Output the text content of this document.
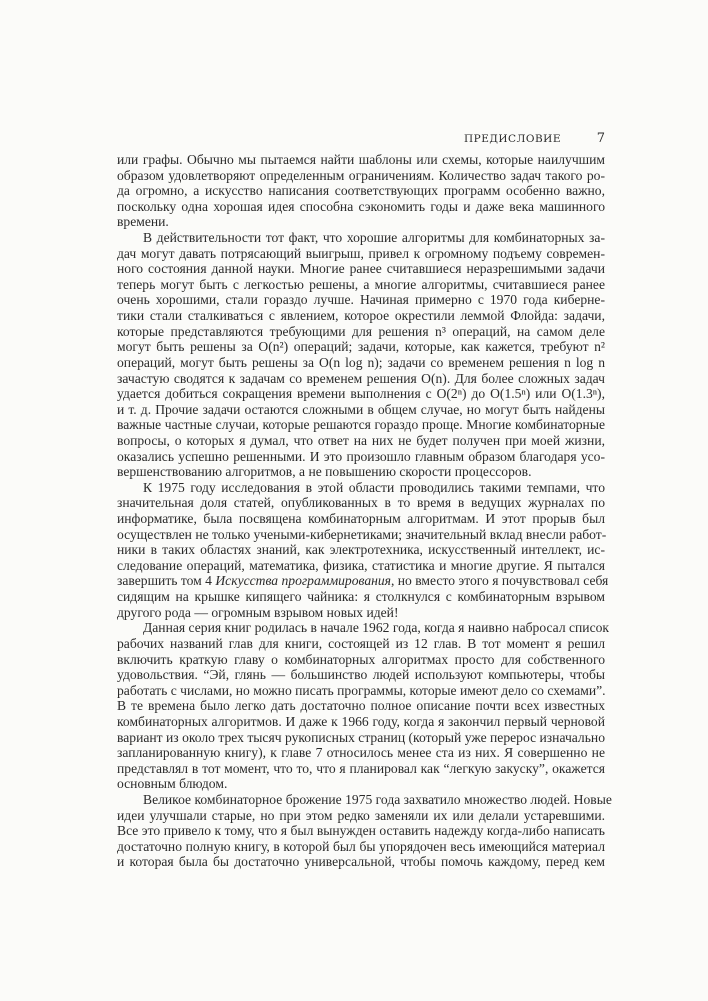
ПРЕДИСЛОВИЕ	7
или графы. Обычно мы пытаемся найти шаблоны или схемы, которые наилучшим
образом удовлетворяют определенным ограничениям. Количество задач такого ро-
да огромно, а искусство написания соответствующих программ особенно важно,
поскольку одна хорошая идея способна сэкономить годы и даже века машинного
времени.
В действительности тот факт, что хорошие алгоритмы для комбинаторных за-
дач могут давать потрясающий выигрыш, привел к огромному подъему современ-
ного состояния данной науки. Многие ранее считавшиеся неразрешимыми задачи
теперь могут быть с легкостью решены, а многие алгоритмы, считавшиеся ранее
очень хорошими, стали гораздо лучше. Начиная примерно с 1970 года киберне-
тики стали сталкиваться с явлением, которое окрестили леммой Флойда: задачи,
которые представляются требующими для решения n³ операций, на самом деле
могут быть решены за O(n²) операций; задачи, которые, как кажется, требуют n²
операций, могут быть решены за O(n log n); задачи со временем решения n log n
зачастую сводятся к задачам со временем решения O(n). Для более сложных задач
удается добиться сокращения времени выполнения с O(2ⁿ) до O(1.5ⁿ) или O(1.3ⁿ),
и т. д. Прочие задачи остаются сложными в общем случае, но могут быть найдены
важные частные случаи, которые решаются гораздо проще. Многие комбинаторные
вопросы, о которых я думал, что ответ на них не будет получен при моей жизни,
оказались успешно решенными. И это произошло главным образом благодаря усо-
вершенствованию алгоритмов, а не повышению скорости процессоров.
К 1975 году исследования в этой области проводились такими темпами, что
значительная доля статей, опубликованных в то время в ведущих журналах по
информатике, была посвящена комбинаторным алгоритмам. И этот прорыв был
осуществлен не только учеными-кибернетиками; значительный вклад внесли работ-
ники в таких областях знаний, как электротехника, искусственный интеллект, ис-
следование операций, математика, физика, статистика и многие другие. Я пытался
завершить том 4 Искусства программирования, но вместо этого я почувствовал себя
сидящим на крышке кипящего чайника: я столкнулся с комбинаторным взрывом
другого рода — огромным взрывом новых идей!
Данная серия книг родилась в начале 1962 года, когда я наивно набросал список
рабочих названий глав для книги, состоящей из 12 глав. В тот момент я решил
включить краткую главу о комбинаторных алгоритмах просто для собственного
удовольствия. “Эй, глянь — большинство людей используют компьютеры, чтобы
работать с числами, но можно писать программы, которые имеют дело со схемами”.
В те времена было легко дать достаточно полное описание почти всех известных
комбинаторных алгоритмов. И даже к 1966 году, когда я закончил первый черновой
вариант из около трех тысяч рукописных страниц (который уже перерос изначально
запланированную книгу), к главе 7 относилось менее ста из них. Я совершенно не
представлял в тот момент, что то, что я планировал как “легкую закуску”, окажется
основным блюдом.
Великое комбинаторное брожение 1975 года захватило множество людей. Новые
идеи улучшали старые, но при этом редко заменяли их или делали устаревшими.
Все это привело к тому, что я был вынужден оставить надежду когда-либо написать
достаточно полную книгу, в которой был бы упорядочен весь имеющийся материал
и которая была бы достаточно универсальной, чтобы помочь каждому, перед кем
